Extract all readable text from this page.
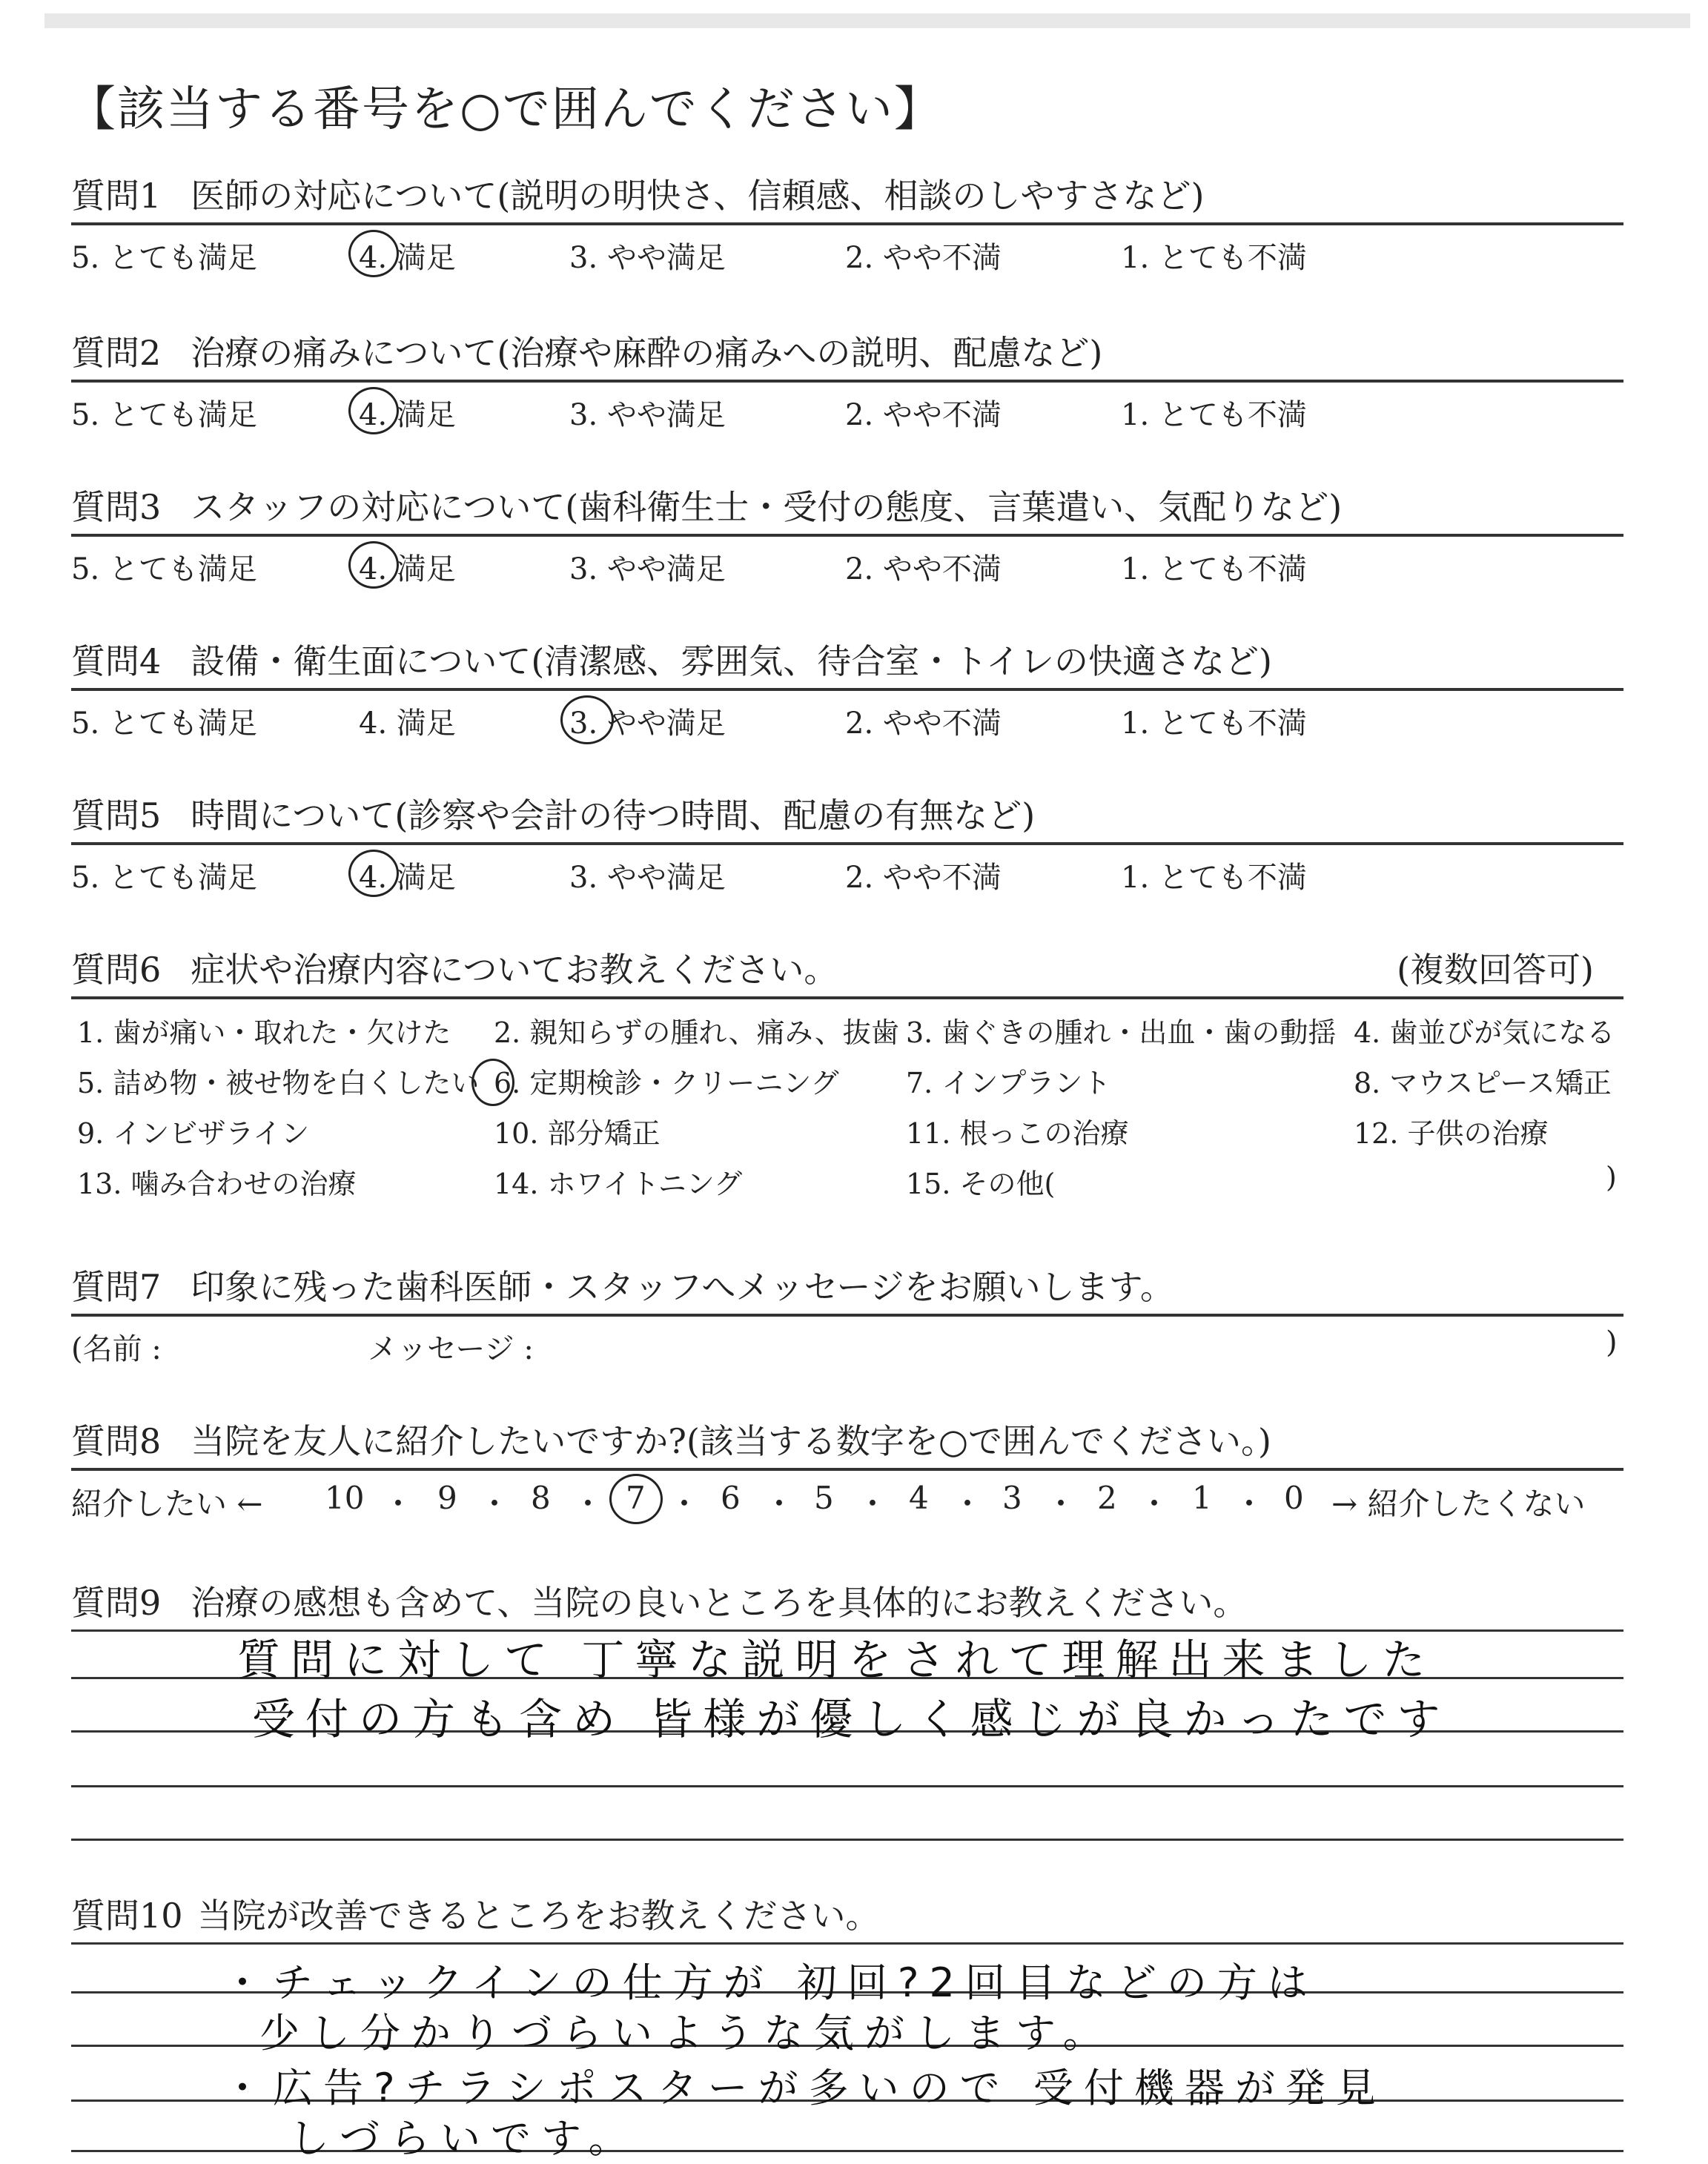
【該当する番号を○で囲んでください】
質問1 医師の対応について(説明の明快さ、信頼感、相談のしやすさなど)
5. とても満足	4. 満足	3. やや満足	2. やや不満	1. とても不満
質問2 治療の痛みについて(治療や麻酔の痛みへの説明、配慮など)
5. とても満足	4. 満足	3. やや満足	2. やや不満	1. とても不満
質問3 スタッフの対応について(歯科衛生士・受付の態度、言葉遣い、気配りなど)
5. とても満足	4. 満足	3. やや満足	2. やや不満	1. とても不満
質問4 設備・衛生面について(清潔感、雰囲気、待合室・トイレの快適さなど)
5. とても満足	4. 満足	3. やや満足	2. やや不満	1. とても不満
質問5 時間について(診察や会計の待つ時間、配慮の有無など)
5. とても満足	4. 満足	3. やや満足	2. やや不満	1. とても不満
質問6 症状や治療内容についてお教えください。	(複数回答可)
1. 歯が痛い・取れた・欠けた 2. 親知らずの腫れ、痛み、抜歯 3. 歯ぐきの腫れ・出血・歯の動揺 4. 歯並びが気になる
5. 詰め物・被せ物を白くしたい 6. 定期検診・クリーニング 7. インプラント	8. マウスピース矯正
9. インビザライン	10. 部分矯正	11. 根っこの治療	12. 子供の治療
13. 噛み合わせの治療	14. ホワイトニング	15. その他(	)
質問7 印象に残った歯科医師・スタッフへメッセージをお願いします。
(名前 :	メッセージ :	)
質問8 当院を友人に紹介したいですか?(該当する数字を○で囲んでください。)
紹介したい ← 10 ・ 9 ・ 8 ・ 7 ・ 6 ・ 5 ・ 4 ・ 3 ・ 2 ・ 1 ・ 0 → 紹介したくない
質問9 治療の感想も含めて、当院の良いところを具体的にお教えください。
質問に対して 丁寧な説明をされて理解出来ました
受付の方も含め 皆様が優しく感じが良かったです
質問10 当院が改善できるところをお教えください。
・チェックインの仕方が 初回?2回目などの方は
少し分かりづらいような気がします。
・広告?チラシポスターが多いので 受付機器が発見
しづらいです。
